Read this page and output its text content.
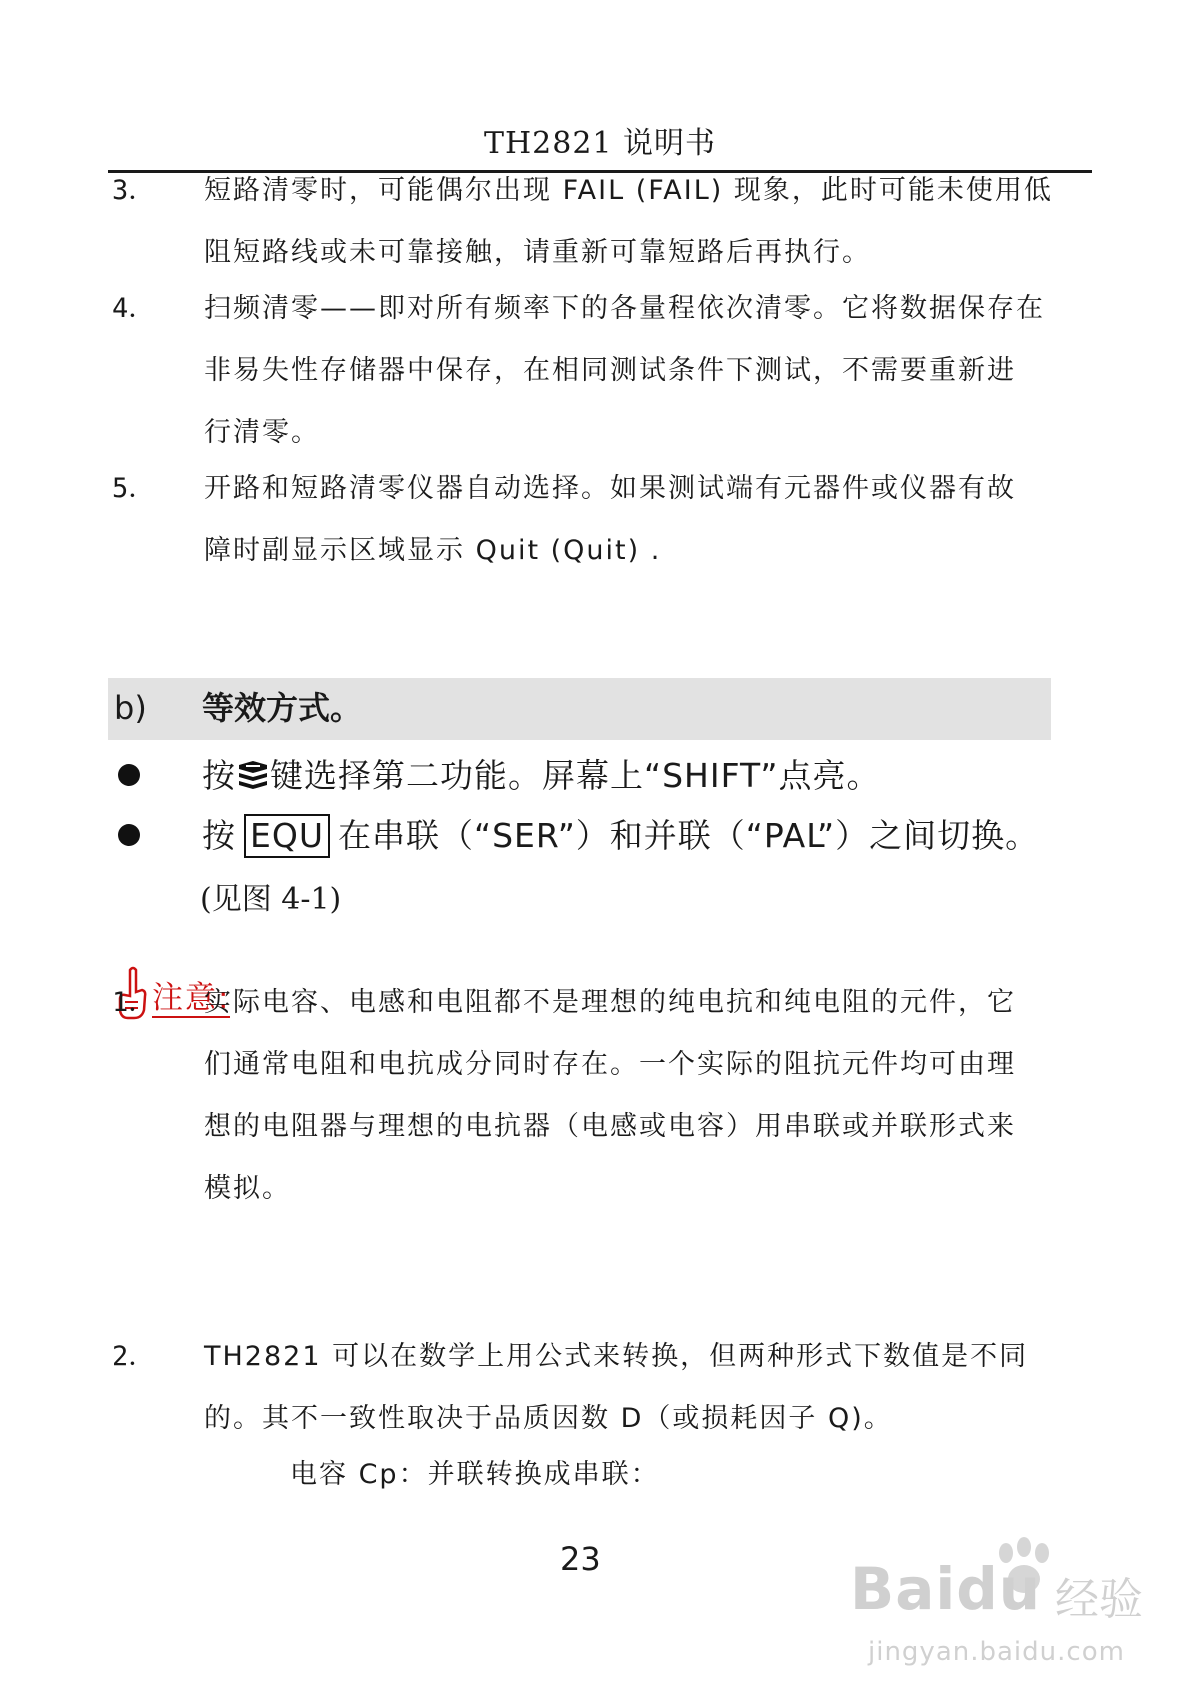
TH2821 说明书
3．	短路清零时，可能偶尔出现 FAIL (FAIL) 现象，此时可能未使用低
阻短路线或未可靠接触，请重新可靠短路后再执行。
4．	扫频清零——即对所有频率下的各量程依次清零。它将数据保存在
非易失性存储器中保存，在相同测试条件下测试，不需要重新进
行清零。
5．	开路和短路清零仪器自动选择。如果测试端有元器件或仪器有故
障时副显示区域显示 Quit (Quit) .
b) 等效方式。
按 键选择第二功能。屏幕上“SHIFT”点亮。
按 EQU 在串联（“SER”）和并联（“PAL”）之间切换。
(见图 4-1)
注意:
1．	实际电容、电感和电阻都不是理想的纯电抗和纯电阻的元件，它
们通常电阻和电抗成分同时存在。一个实际的阻抗元件均可由理
想的电阻器与理想的电抗器（电感或电容）用串联或并联形式来
模拟。
2．	TH2821 可以在数学上用公式来转换，但两种形式下数值是不同
的。其不一致性取决于品质因数 D（或损耗因子 Q)。
电容 Cp：并联转换成串联：
23	Baidu 经验
jingyan.baidu.com
